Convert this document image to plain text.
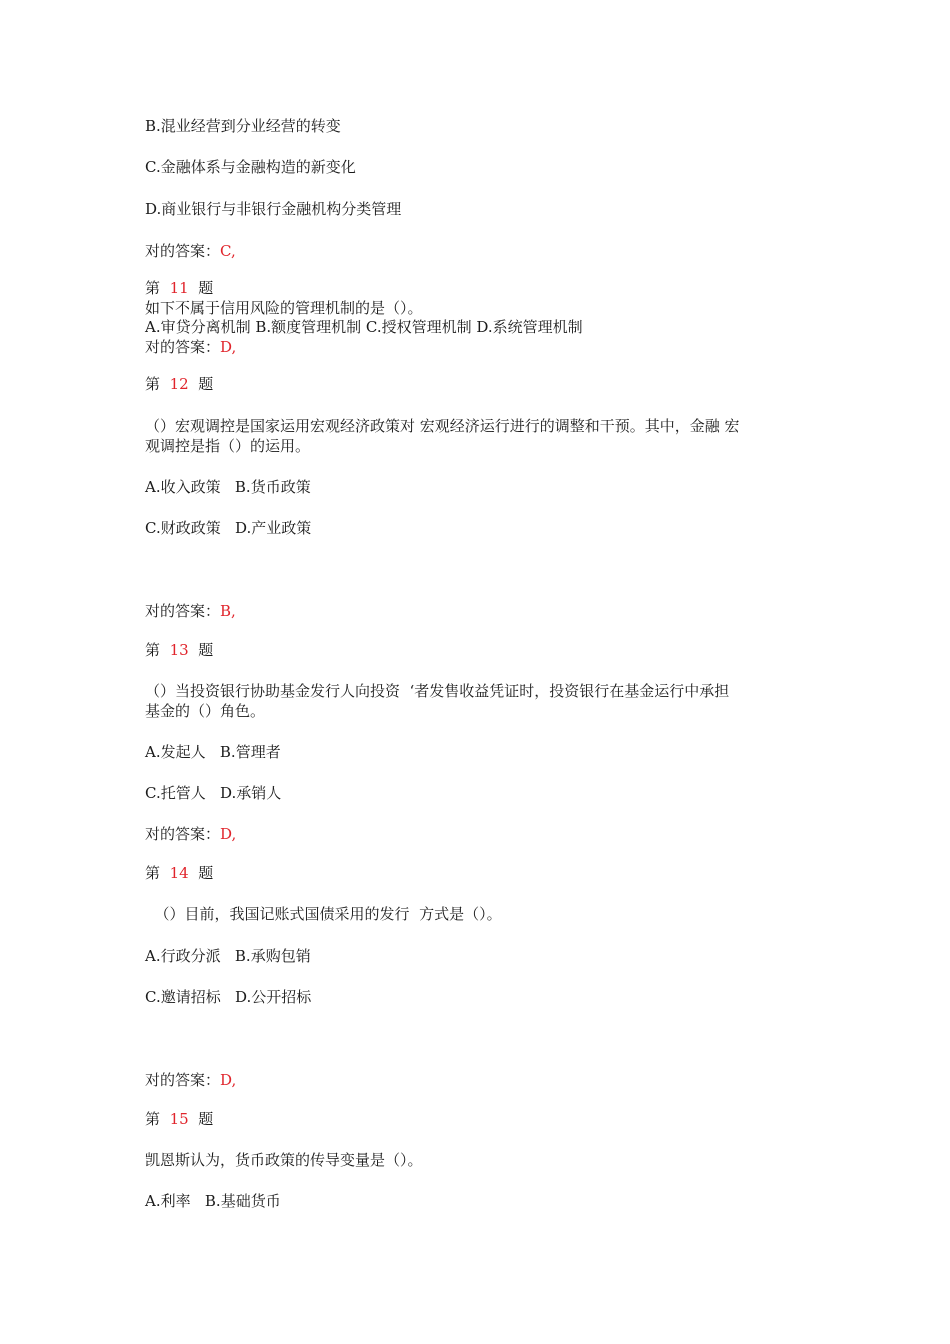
B.混业经营到分业经营的转变
C.金融体系与金融构造的新变化
D.商业银行与非银行金融机构分类管理
对的答案：C,
第 11 题
如下不属于信用风险的管理机制的是（）。
A.审贷分离机制 B.额度管理机制 C.授权管理机制 D.系统管理机制
对的答案：D,
第 12 题
（）宏观调控是国家运用宏观经济政策对 宏观经济运行进行的调整和干预。其中，金融 宏
观调控是指（）的运用。
A.收入政策   B.货币政策
C.财政政策   D.产业政策
对的答案：B,
第 13 题
（）当投资银行协助基金发行人向投资  ‘者发售收益凭证时，投资银行在基金运行中承担
基金的（）角色。
A.发起人   B.管理者
C.托管人   D.承销人
对的答案：D,
第 14 题
（）目前，我国记账式国债采用的发行  方式是（）。
A.行政分派   B.承购包销
C.邀请招标   D.公开招标
对的答案：D,
第 15 题
凯恩斯认为，货币政策的传导变量是（）。
A.利率   B.基础货币
